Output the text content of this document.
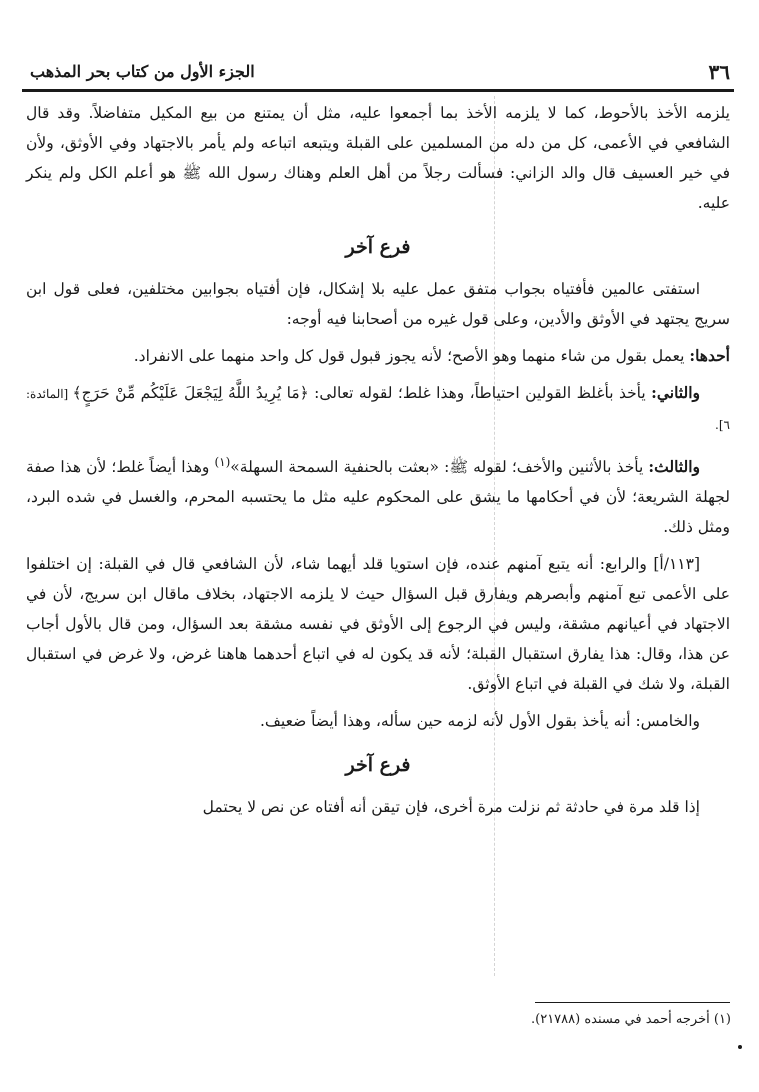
٣٦
الجزء الأول من كتاب بحر المذهب

يلزمه الأخذ بالأحوط، كما لا يلزمه الأخذ بما أجمعوا عليه، مثل أن يمتنع من بيع المكيل متفاضلاً. وقد قال الشافعي في الأعمى، كل من دله من المسلمين على القبلة ويتبعه اتباعه ولم يأمر بالاجتهاد وفي الأوثق، ولأن في خير العسيف قال والد الزاني: فسألت رجلاً من أهل العلم وهناك رسول الله ﷺ هو أعلم الكل ولم ينكر عليه.

فرع آخر

استفتى عالمين فأفتياه بجواب متفق عمل عليه بلا إشكال، فإن أفتياه بجوابين مختلفين، فعلى قول ابن سريج يجتهد في الأوثق والأدين، وعلى قول غيره من أصحابنا فيه أوجه:

أحدها: يعمل بقول من شاء منهما وهو الأصح؛ لأنه يجوز قبول قول كل واحد منهما على الانفراد.

والثاني: يأخذ بأغلظ القولين احتياطاً، وهذا غلط؛ لقوله تعالى: ﴿مَا يُرِيدُ اللَّهُ لِيَجْعَلَ عَلَيْكُم مِّنْ حَرَجٍ﴾ [المائدة: ٦].

والثالث: يأخذ بالأثنين والأخف؛ لقوله ﷺ: «بعثت بالحنفية السمحة السهلة»$^{(١)}$ وهذا أيضاً غلط؛ لأن هذا صفة لجهلة الشريعة؛ لأن في أحكامها ما يشق على المحكوم عليه مثل ما يحتسبه المحرم، والغسل في شده البرد، ومثل ذلك.

[١١٣/أ] والرابع: أنه يتبع آمنهم عنده، فإن استويا قلد أيهما شاء، لأن الشافعي قال في القبلة: إن اختلفوا على الأعمى تبع آمنهم وأبصرهم ويفارق قبل السؤال حيث لا يلزمه الاجتهاد، بخلاف ماقال ابن سريج، لأن في الاجتهاد في أعيانهم مشقة، وليس في الرجوع إلى الأوثق في نفسه مشقة بعد السؤال، ومن قال بالأول أجاب عن هذا، وقال: هذا يفارق استقبال القبلة؛ لأنه قد يكون له في اتباع أحدهما هاهنا غرض، ولا غرض في استقبال القبلة، ولا شك في القبلة في اتباع الأوثق.

والخامس: أنه يأخذ بقول الأول لأنه لزمه حين سأله، وهذا أيضاً ضعيف.

فرع آخر

إذا قلد مرة في حادثة ثم نزلت مرة أخرى، فإن تيقن أنه أفتاه عن نص لا يحتمل

(١) أخرجه أحمد في مسنده (٢١٧٨٨).
